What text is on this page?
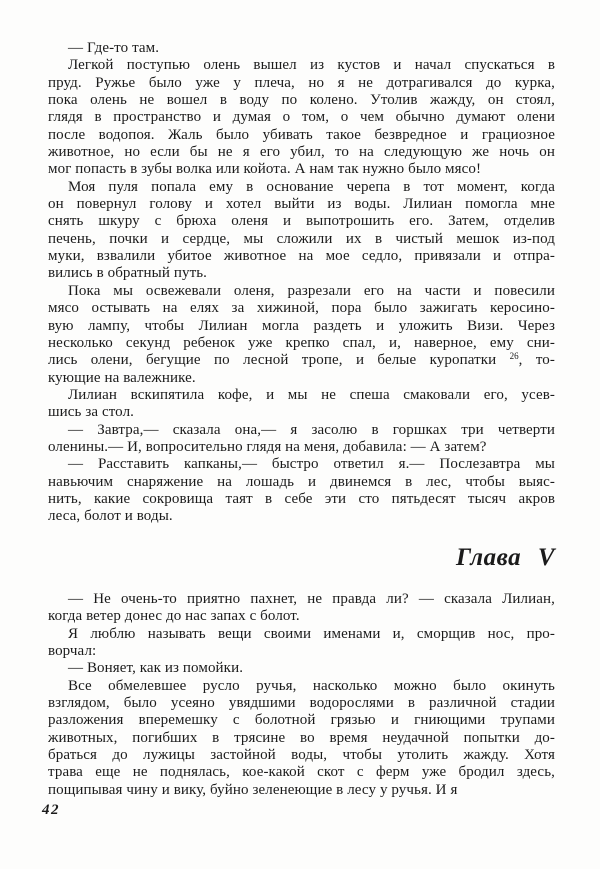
— Где-то там.
Легкой поступью олень вышел из кустов и начал спускаться в
пруд. Ружье было уже у плеча, но я не дотрагивался до курка,
пока олень не вошел в воду по колено. Утолив жажду, он стоял,
глядя в пространство и думая о том, о чем обычно думают олени
после водопоя. Жаль было убивать такое безвредное и грациозное
животное, но если бы не я его убил, то на следующую же ночь он
мог попасть в зубы волка или койота. А нам так нужно было мясо!
Моя пуля попала ему в основание черепа в тот момент, когда
он повернул голову и хотел выйти из воды. Лилиан помогла мне
снять шкуру с брюха оленя и выпотрошить его. Затем, отделив
печень, почки и сердце, мы сложили их в чистый мешок из-под
муки, взвалили убитое животное на мое седло, привязали и отпра-
вились в обратный путь.
Пока мы освежевали оленя, разрезали его на части и повесили
мясо остывать на елях за хижиной, пора было зажигать керосино-
вую лампу, чтобы Лилиан могла раздеть и уложить Визи. Через
несколько секунд ребенок уже крепко спал, и, наверное, ему сни-
лись олени, бегущие по лесной тропе, и белые куропатки $^{26}$, то-
кующие на валежнике.
Лилиан вскипятила кофе, и мы не спеша смаковали его, усев-
шись за стол.
— Завтра,— сказала она,— я засолю в горшках три четверти
оленины.— И, вопросительно глядя на меня, добавила: — А затем?
— Расставить капканы,— быстро ответил я.— Послезавтра мы
навьючим снаряжение на лошадь и двинемся в лес, чтобы выяс-
нить, какие сокровища таят в себе эти сто пятьдесят тысяч акров
леса, болот и воды.
Глава V
— Не очень-то приятно пахнет, не правда ли? — сказала Лилиан,
когда ветер донес до нас запах с болот.
Я люблю называть вещи своими именами и, сморщив нос, про-
ворчал:
— Воняет, как из помойки.
Все обмелевшее русло ручья, насколько можно было окинуть
взглядом, было усеяно увядшими водорослями в различной стадии
разложения вперемешку с болотной грязью и гниющими трупами
животных, погибших в трясине во время неудачной попытки до-
браться до лужицы застойной воды, чтобы утолить жажду. Хотя
трава еще не поднялась, кое-какой скот с ферм уже бродил здесь,
пощипывая чину и вику, буйно зеленеющие в лесу у ручья. И я
42
